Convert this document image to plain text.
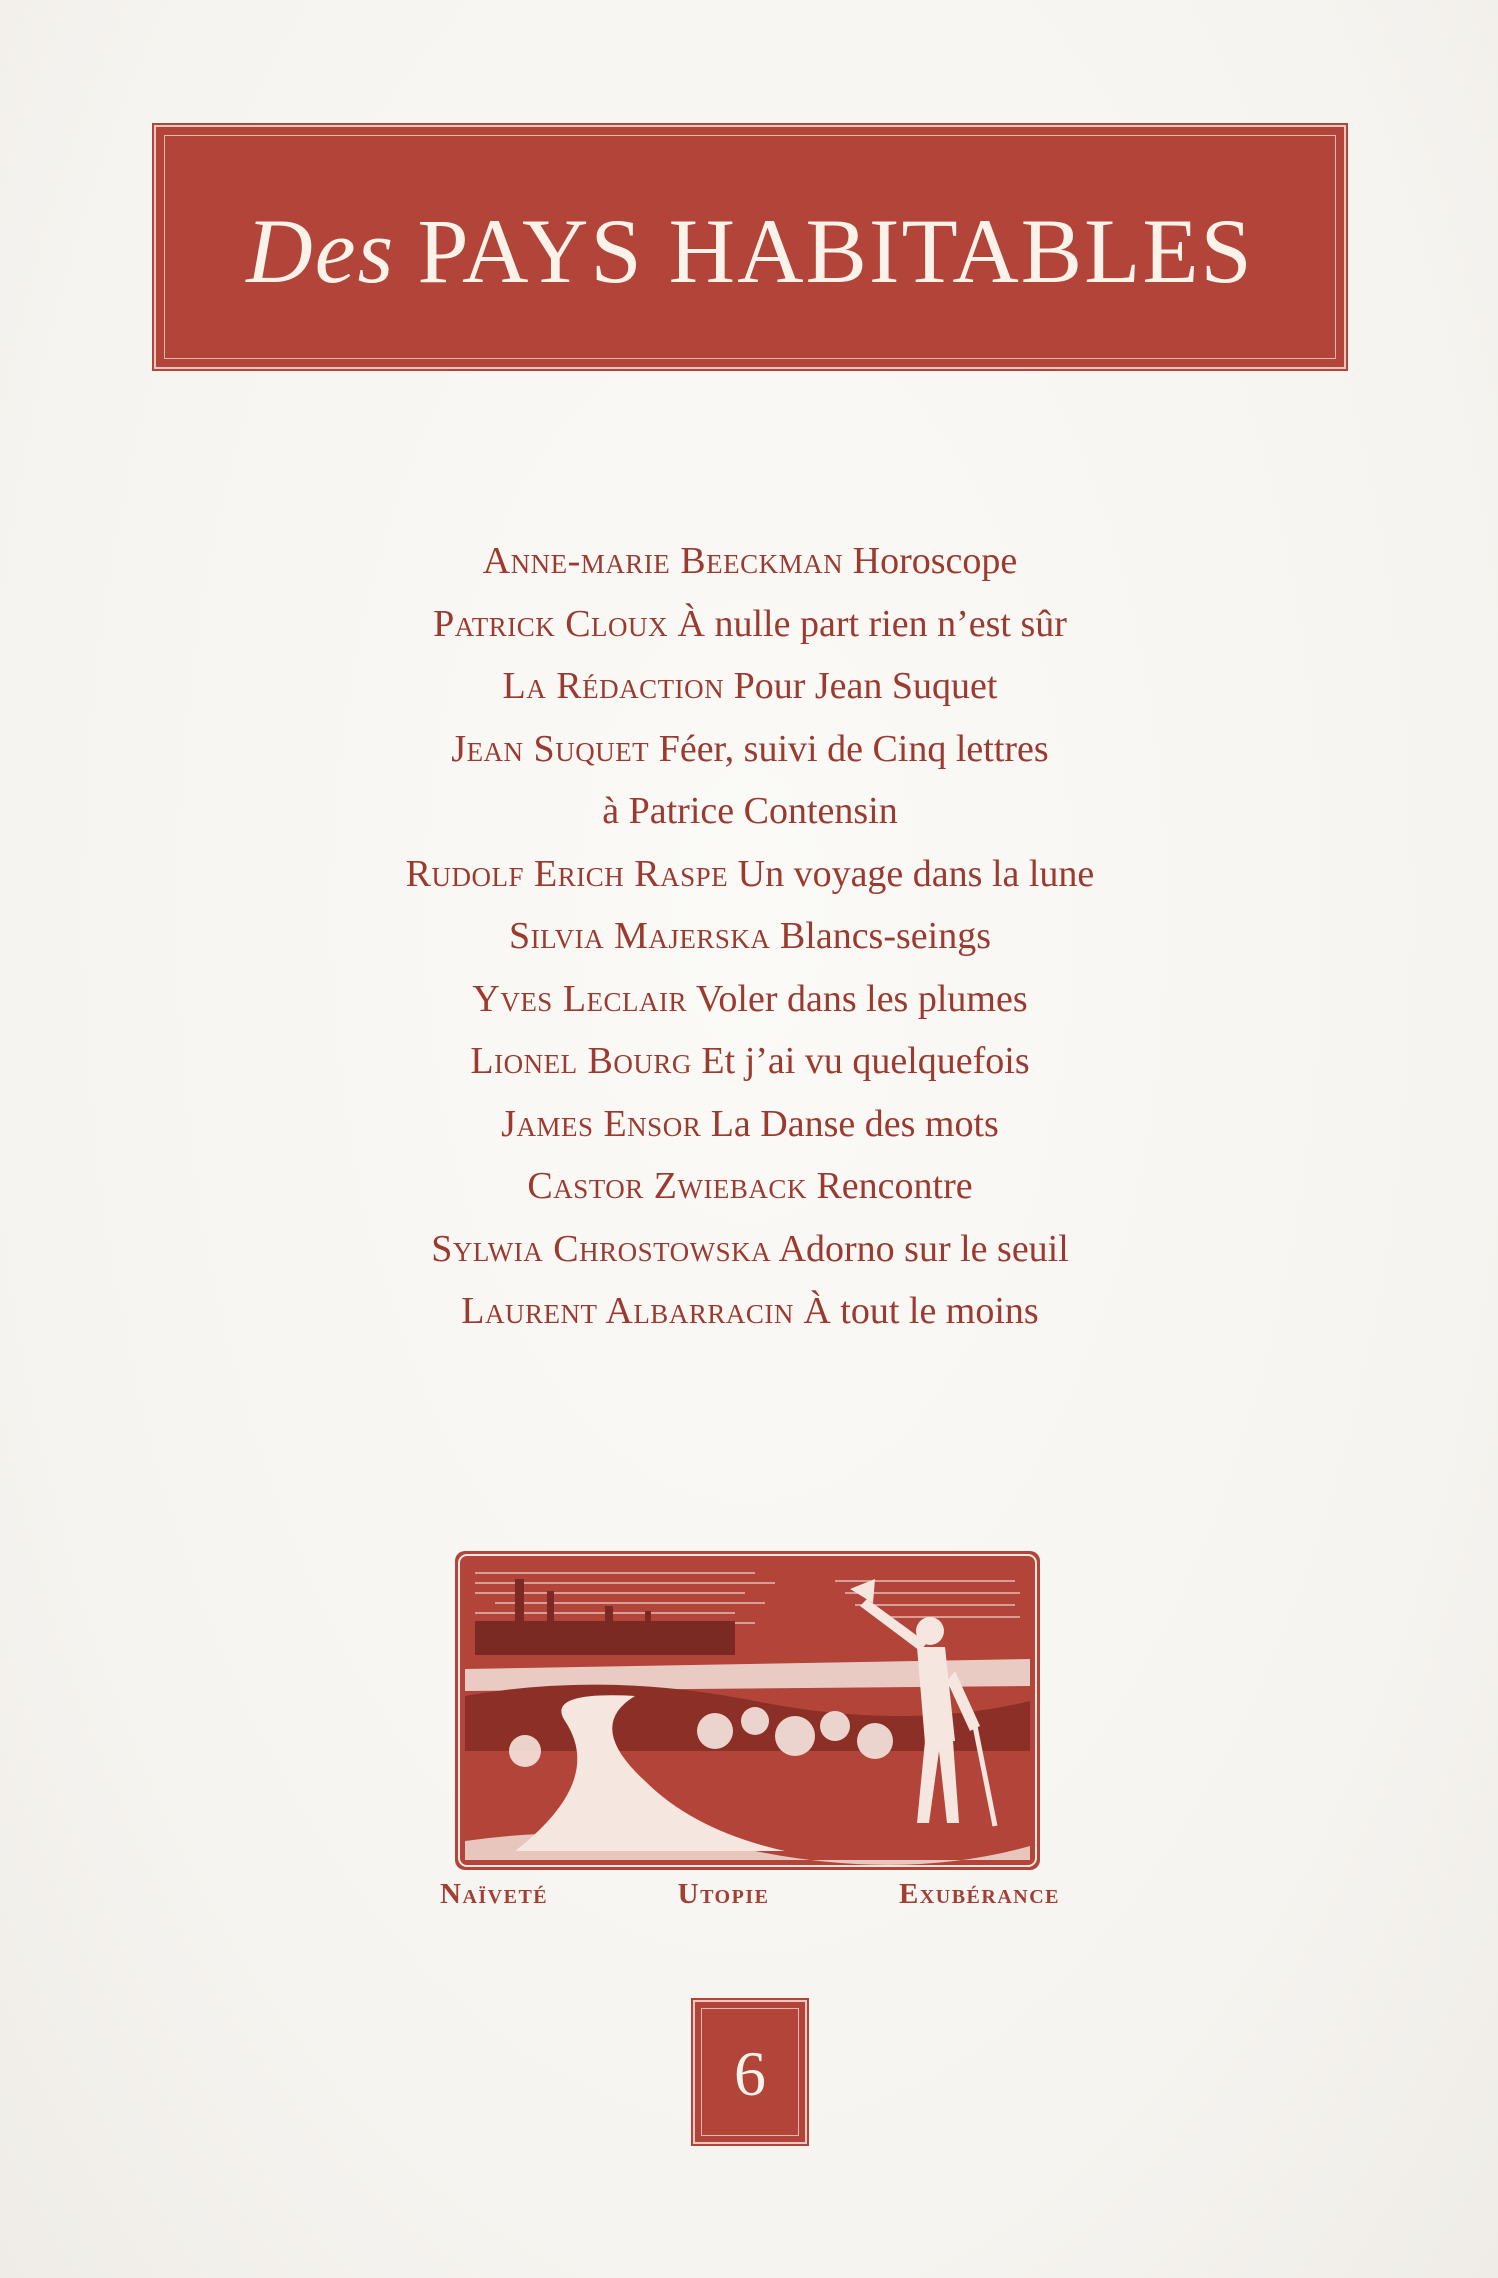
Des PAYS HABITABLES
Anne-marie Beeckman Horoscope
Patrick Cloux À nulle part rien n’est sûr
La Rédaction Pour Jean Suquet
Jean Suquet Féer, suivi de Cinq lettres
à Patrice Contensin
Rudolf Erich Raspe Un voyage dans la lune
Silvia Majerska Blancs-seings
Yves Leclair Voler dans les plumes
Lionel Bourg Et j’ai vu quelquefois
James Ensor La Danse des mots
Castor Zwieback Rencontre
Sylwia Chrostowska Adorno sur le seuil
Laurent Albarracin À tout le moins
Naïveté	Utopie	Exubérance
6
